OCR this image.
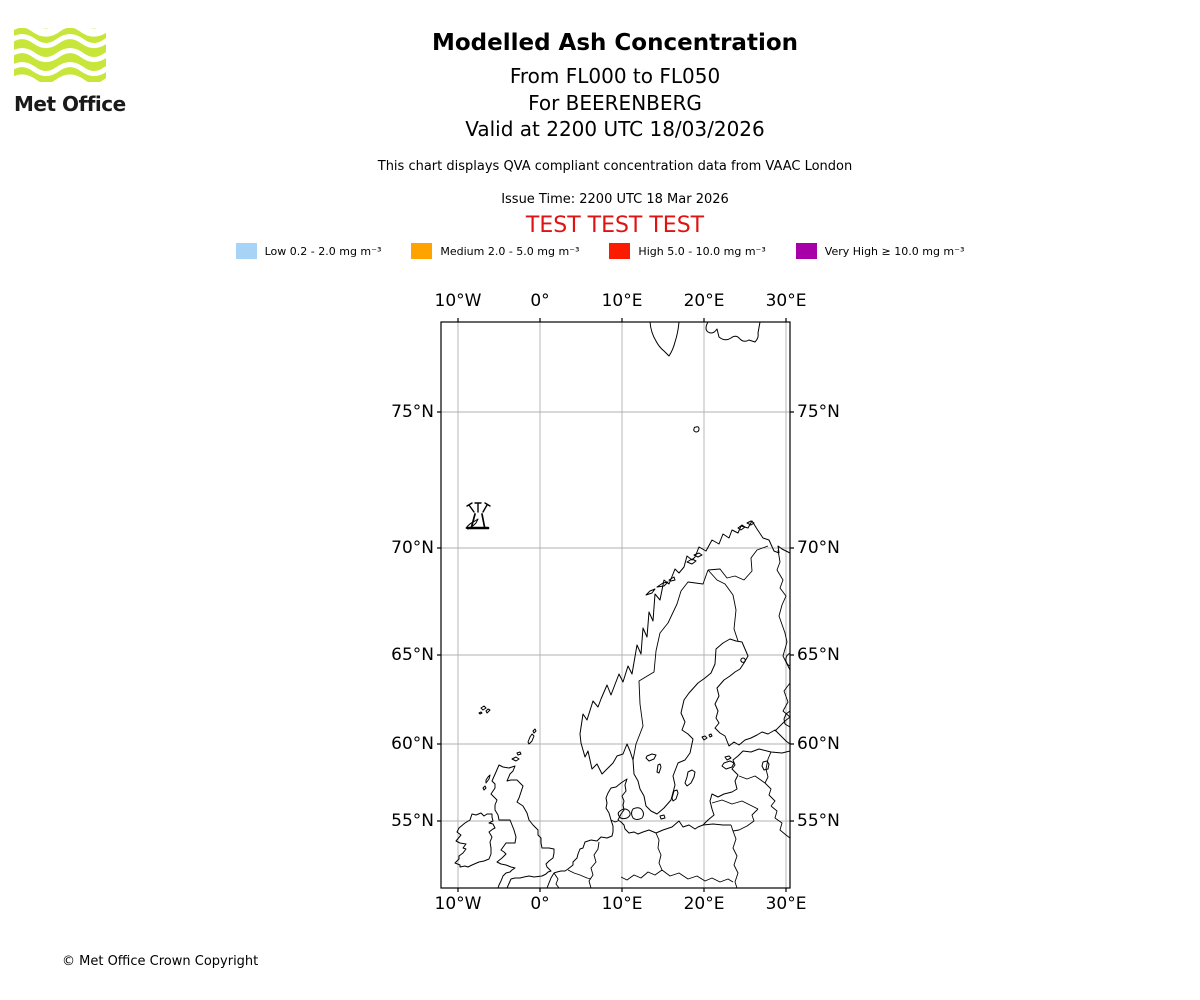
Met Office
Modelled Ash Concentration
From FL000 to FL050
For BEERENBERG
Valid at 2200 UTC 18/03/2026
This chart displays QVA compliant concentration data from VAAC London
Issue Time: 2200 UTC 18 Mar 2026
TEST TEST TEST
Low 0.2 - 2.0 mg m⁻³	Medium 2.0 - 5.0 mg m⁻³	High 5.0 - 10.0 mg m⁻³	Very High ≥ 10.0 mg m⁻³
10°W	0°	10°E	20°E	30°E
10°W	0°	10°E	20°E	30°E
75°N
70°N
65°N
60°N
55°N
75°N
70°N
65°N
60°N
55°N
© Met Office Crown Copyright
